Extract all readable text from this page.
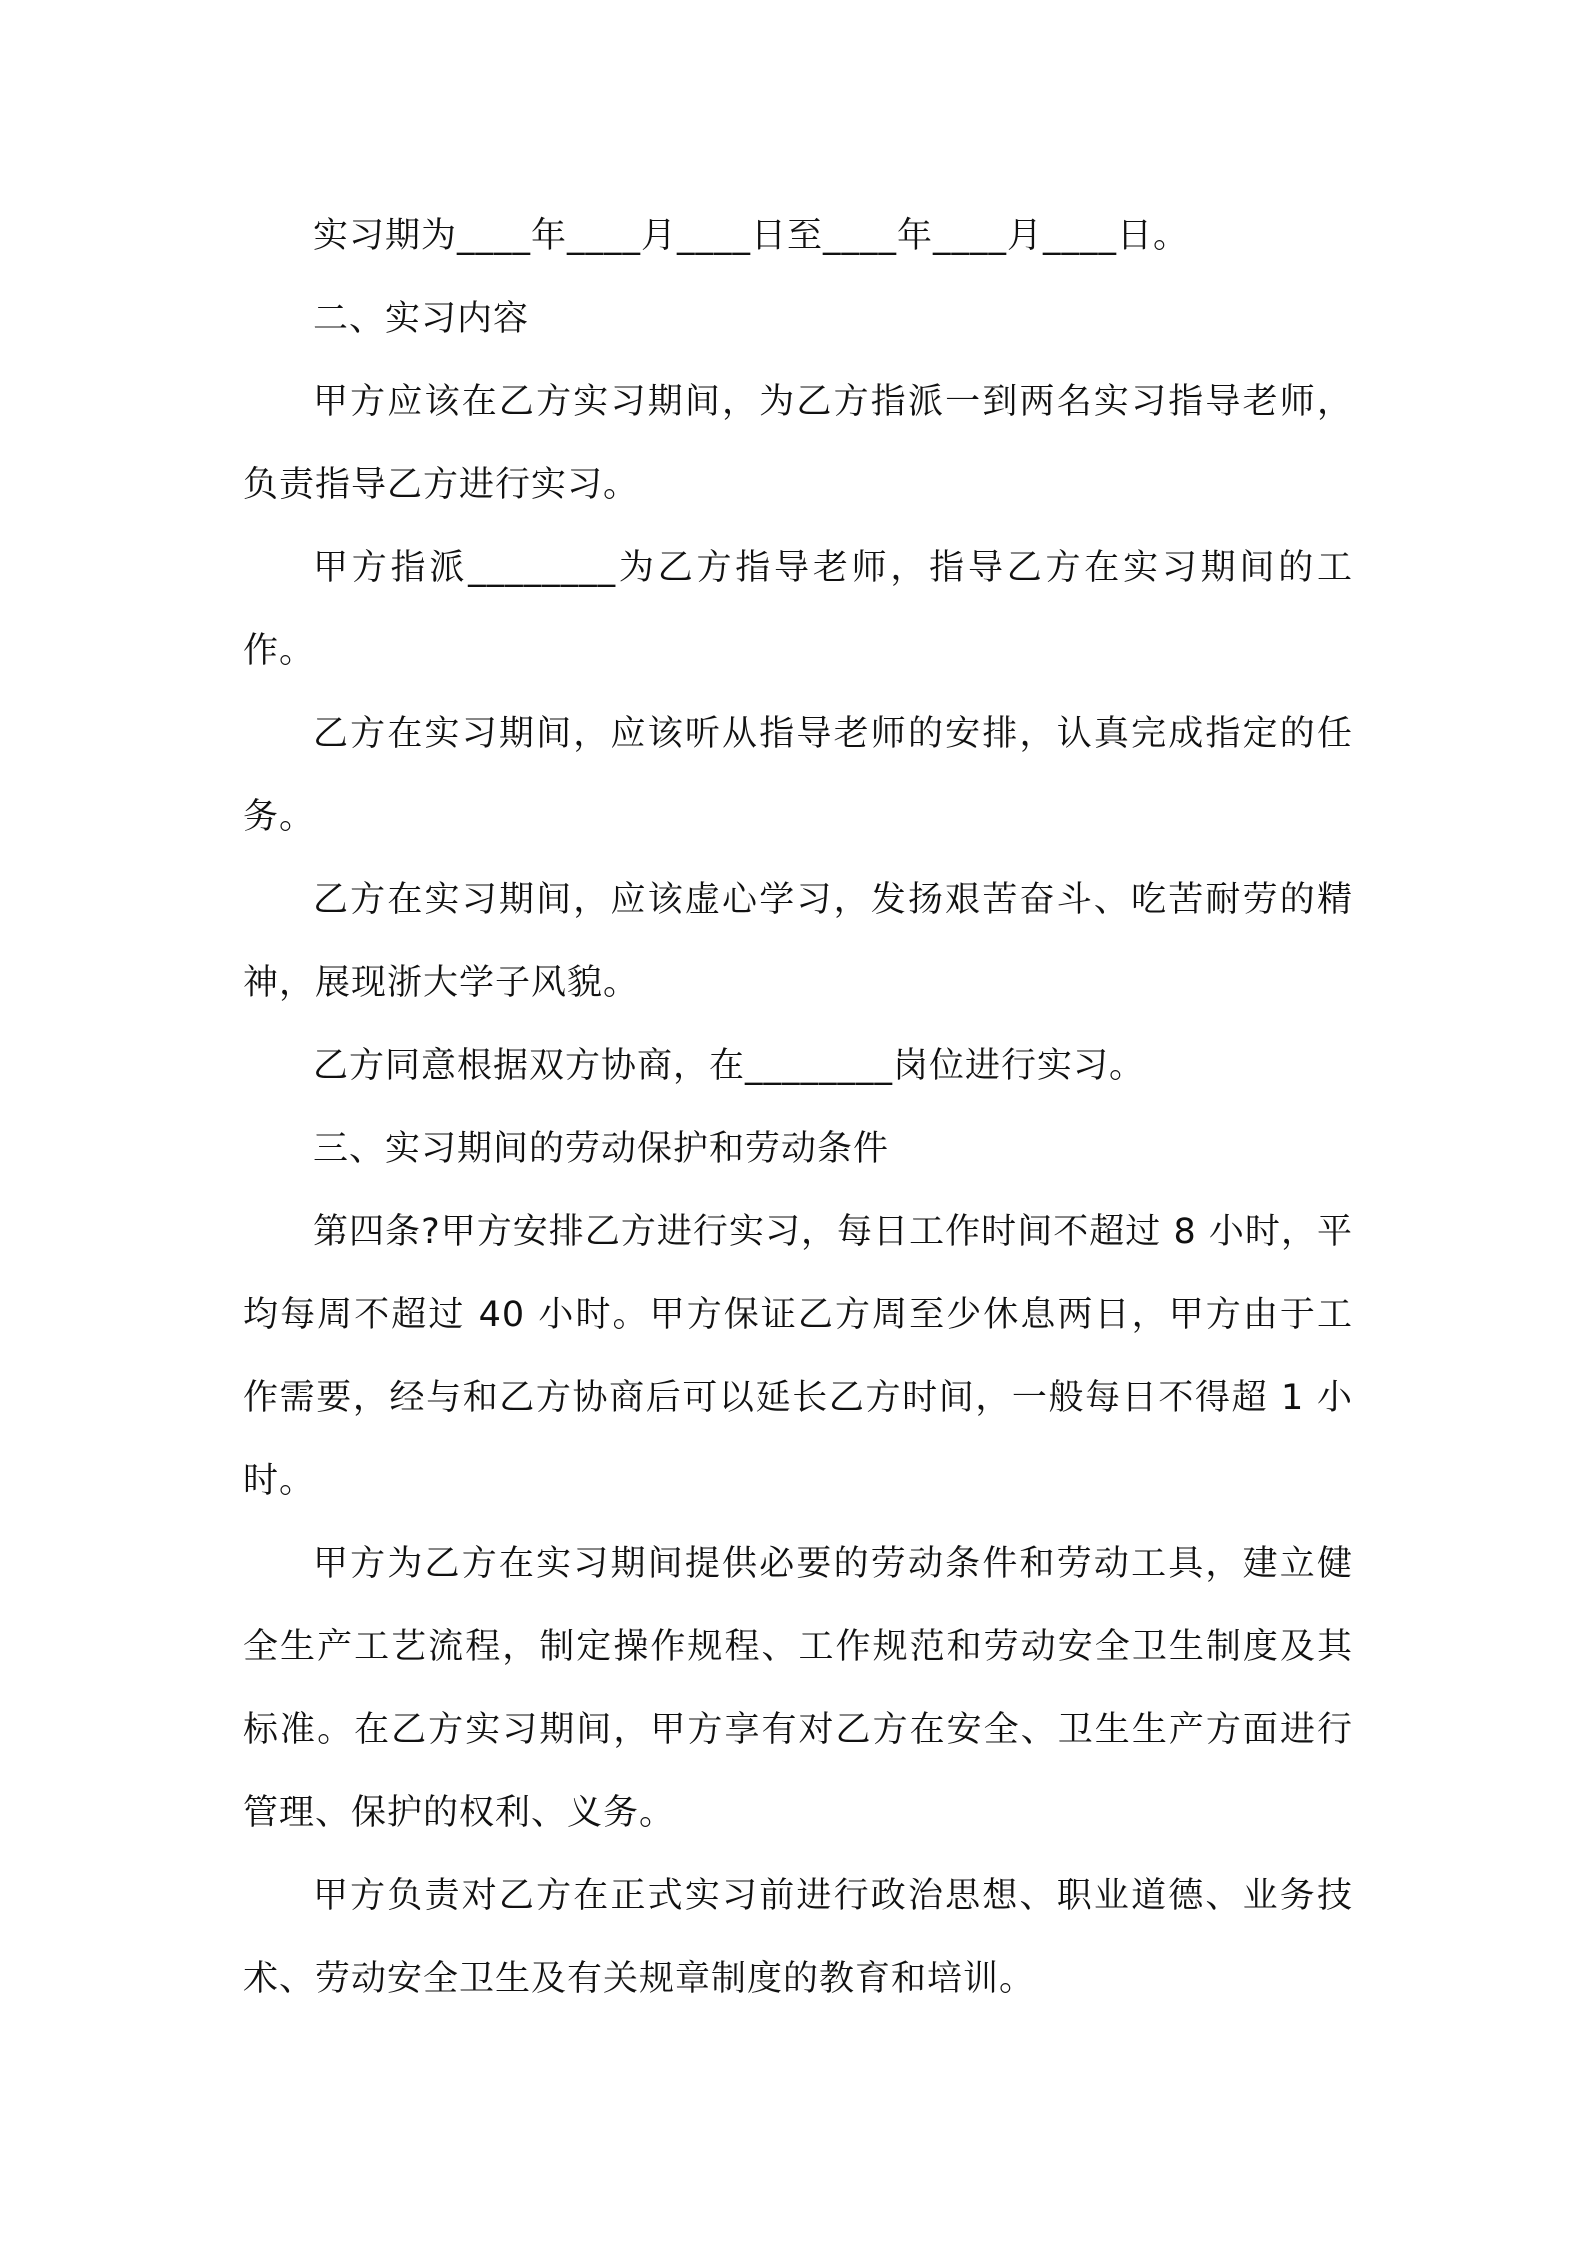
实习期为____年____月____日至____年____月____日。

二、实习内容

甲方应该在乙方实习期间，为乙方指派一到两名实习指导老师，负责指导乙方进行实习。

甲方指派________为乙方指导老师，指导乙方在实习期间的工作。

乙方在实习期间，应该听从指导老师的安排，认真完成指定的任务。

乙方在实习期间，应该虚心学习，发扬艰苦奋斗、吃苦耐劳的精神，展现浙大学子风貌。

乙方同意根据双方协商，在________岗位进行实习。

三、实习期间的劳动保护和劳动条件

第四条?甲方安排乙方进行实习，每日工作时间不超过 8 小时，平均每周不超过 40 小时。甲方保证乙方周至少休息两日，甲方由于工作需要，经与和乙方协商后可以延长乙方时间，一般每日不得超 1 小时。

甲方为乙方在实习期间提供必要的劳动条件和劳动工具，建立健全生产工艺流程，制定操作规程、工作规范和劳动安全卫生制度及其标准。在乙方实习期间，甲方享有对乙方在安全、卫生生产方面进行管理、保护的权利、义务。

甲方负责对乙方在正式实习前进行政治思想、职业道德、业务技术、劳动安全卫生及有关规章制度的教育和培训。
